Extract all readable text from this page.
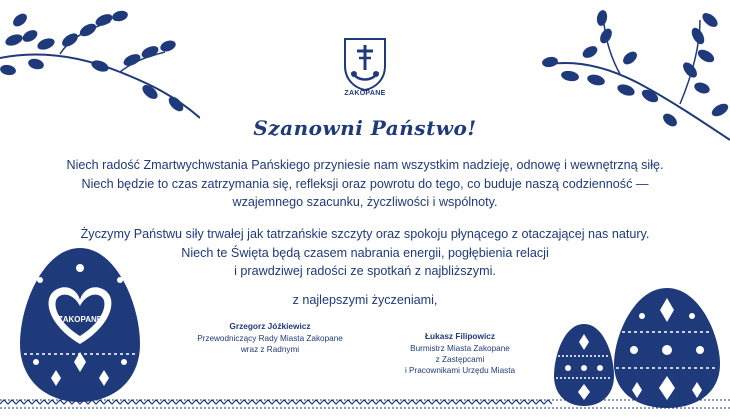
ZAKOPANE
Szanowni Państwo!
Niech radość Zmartwychwstania Pańskiego przyniesie nam wszystkim nadzieję, odnowę i wewnętrzną siłę.
Niech będzie to czas zatrzymania się, refleksji oraz powrotu do tego, co buduje naszą codzienność —
wzajemnego szacunku, życzliwości i wspólnoty.
Życzymy Państwu siły trwałej jak tatrzańskie szczyty oraz spokoju płynącego z otaczającej nas natury.
Niech te Święta będą czasem nabrania energii, pogłębienia relacji
i prawdziwej radości ze spotkań z najbliższymi.
z najlepszymi życzeniami,
Grzegorz Jóźkiewicz
Przewodniczący Rady Miasta Zakopane
wraz z Radnymi
Łukasz Filipowicz
Burmistrz Miasta Zakopane
z Zastępcami
i Pracownikami Urzędu Miasta
ZAKOPANE
